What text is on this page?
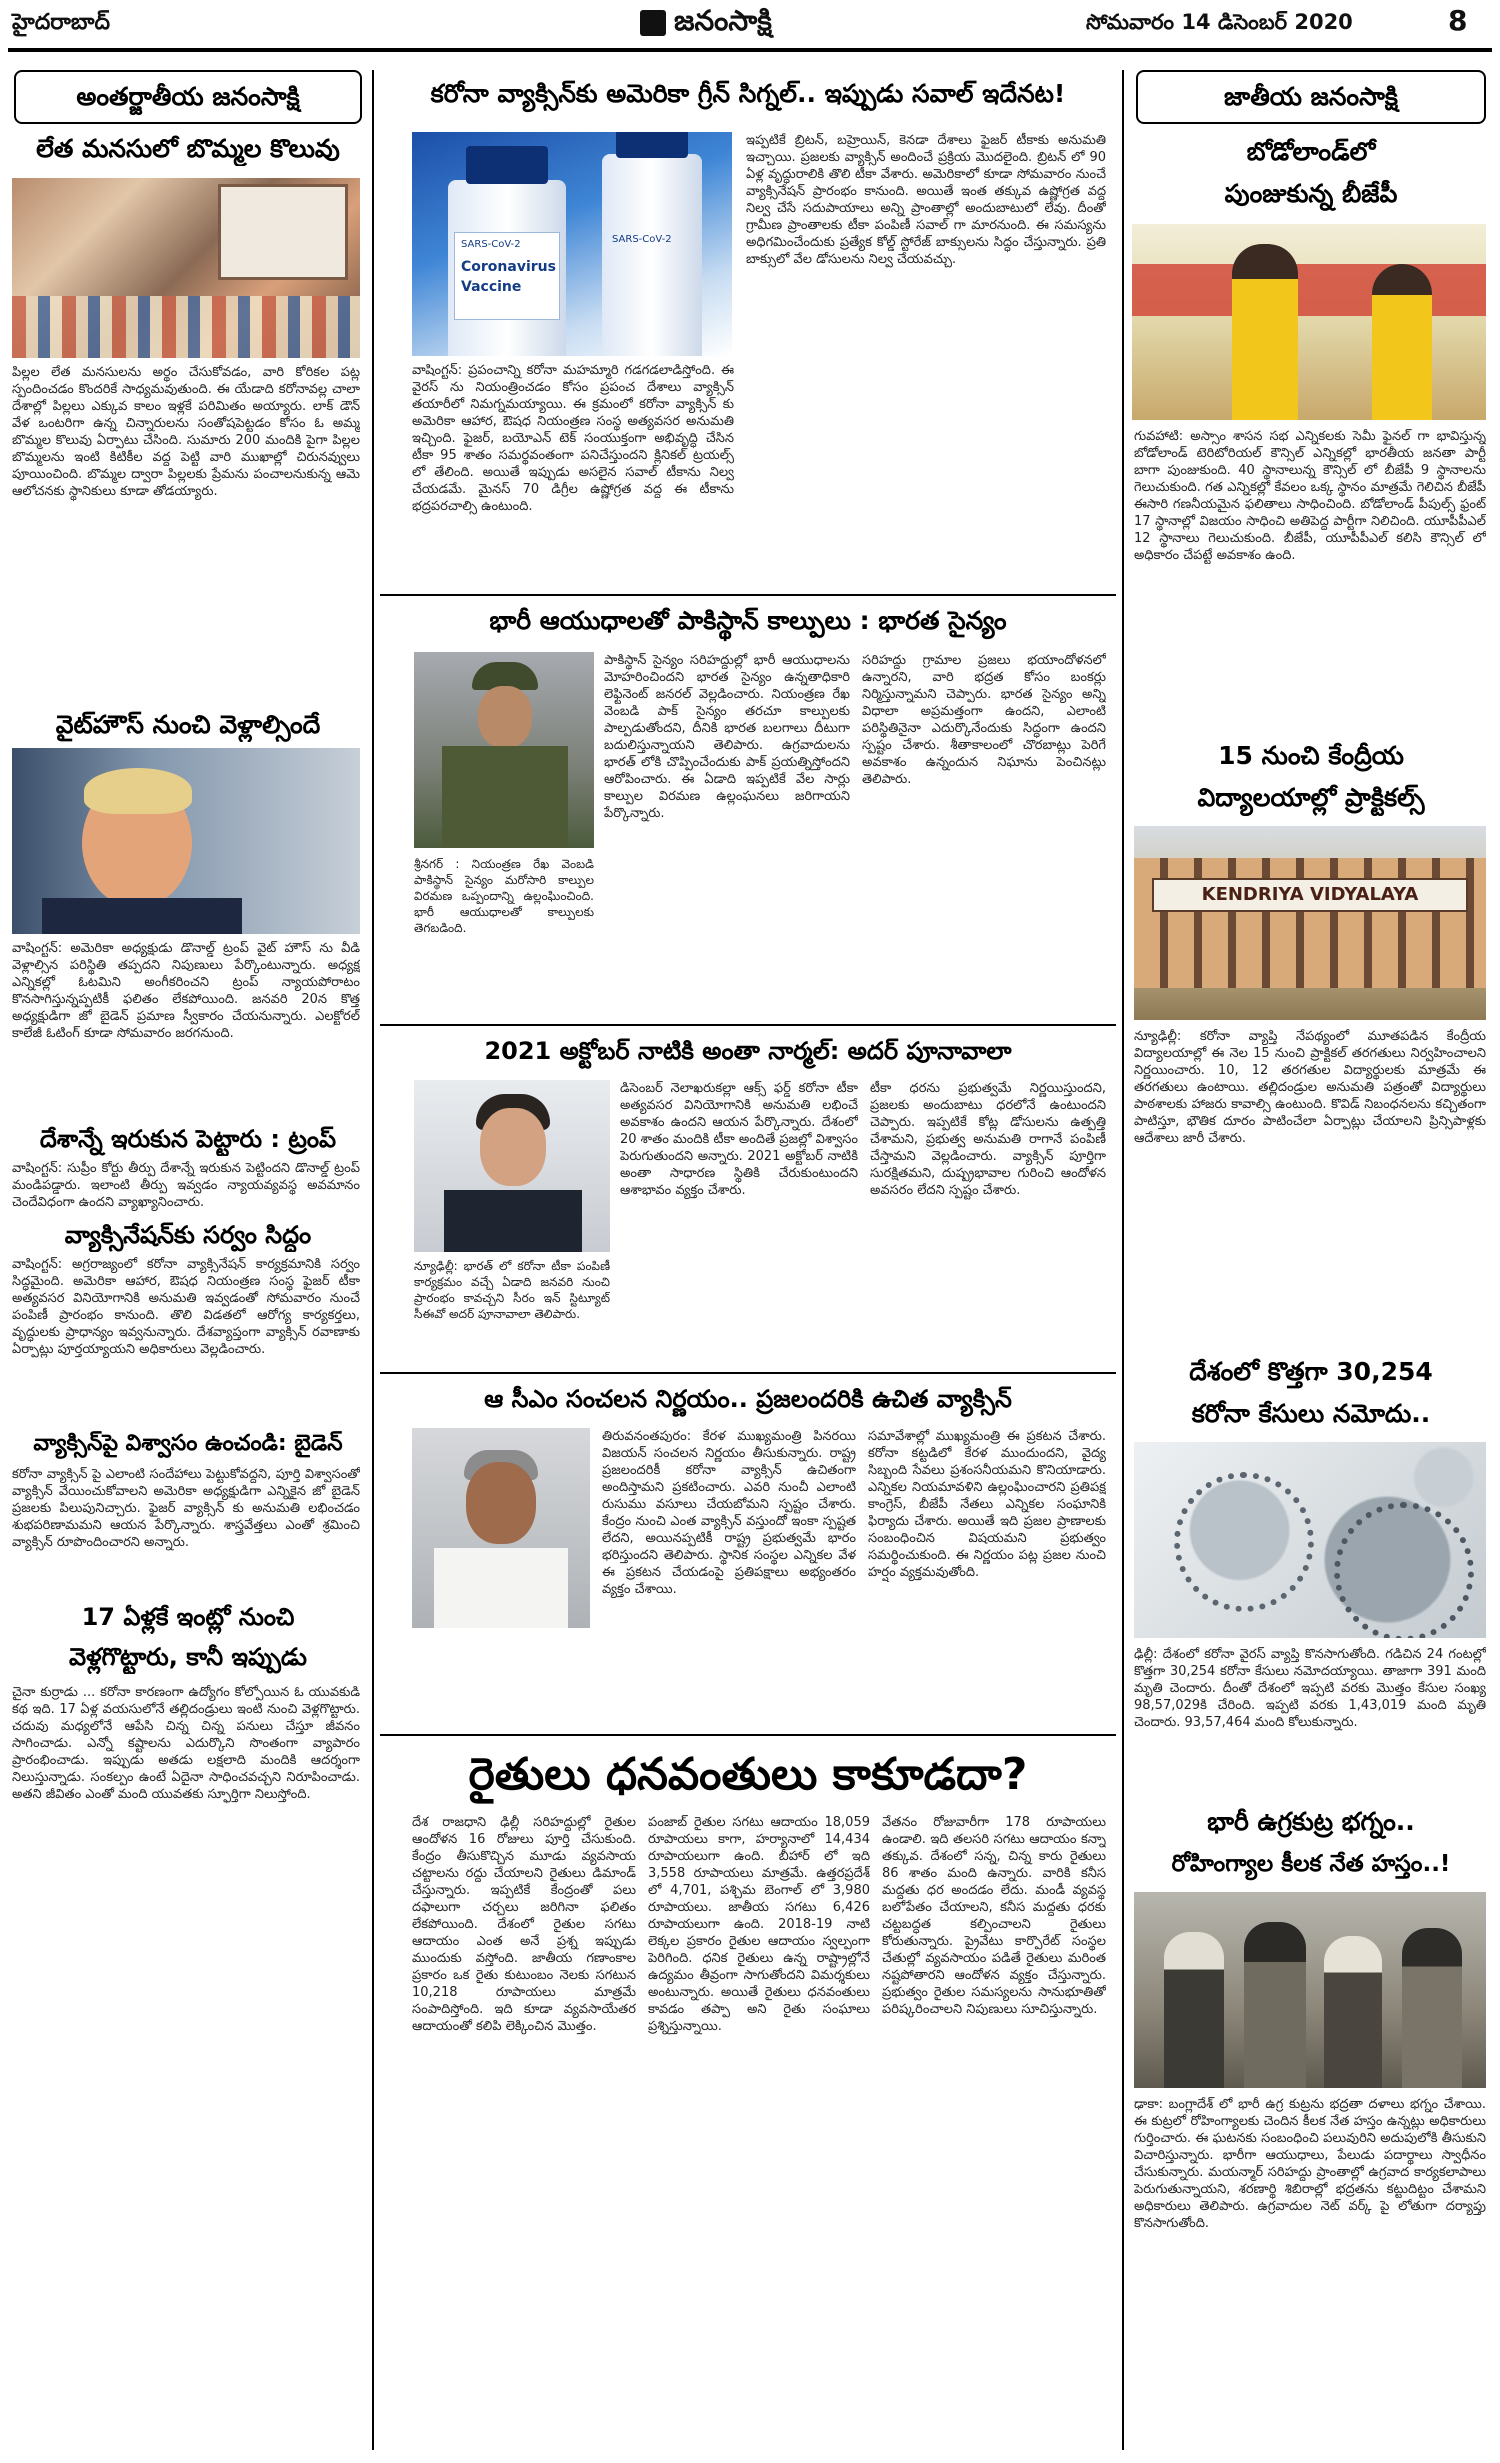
హైదరాబాద్	జనంసాక్షి	సోమవారం 14 డిసెంబర్ 2020	8
అంతర్జాతీయ జనంసాక్షి
లేత మనసులో బొమ్మల కొలువు
పిల్లల లేత మనసులను అర్థం చేసుకోవడం, వారి కోరికల పట్ల స్పందించడం కొందరికే సాధ్యమవుతుంది. ఈ యేడాది కరోనావల్ల చాలా దేశాల్లో పిల్లలు ఎక్కువ కాలం ఇళ్లకే పరిమితం అయ్యారు. లాక్ డౌన్ వేళ ఒంటరిగా ఉన్న చిన్నారులను సంతోషపెట్టడం కోసం ఓ అమ్మ బొమ్మల కొలువు ఏర్పాటు చేసింది. సుమారు 200 మందికి పైగా పిల్లల బొమ్మలను ఇంటి కిటికీల వద్ద పెట్టి వారి ముఖాల్లో చిరునవ్వులు పూయించింది. బొమ్మల ద్వారా పిల్లలకు ప్రేమను పంచాలనుకున్న ఆమె ఆలోచనకు స్థానికులు కూడా తోడయ్యారు.
వైట్‌హౌస్ నుంచి వెళ్లాల్సిందే
వాషింగ్టన్: అమెరికా అధ్యక్షుడు డొనాల్డ్ ట్రంప్ వైట్ హౌస్ ను వీడి వెళ్లాల్సిన పరిస్థితి తప్పదని నిపుణులు పేర్కొంటున్నారు. అధ్యక్ష ఎన్నికల్లో ఓటమిని అంగీకరించని ట్రంప్ న్యాయపోరాటం కొనసాగిస్తున్నప్పటికీ ఫలితం లేకపోయింది. జనవరి 20న కొత్త అధ్యక్షుడిగా జో బైడెన్ ప్రమాణ స్వీకారం చేయనున్నారు. ఎలక్టోరల్ కాలేజీ ఓటింగ్ కూడా సోమవారం జరగనుంది.
దేశాన్నే ఇరుకున పెట్టారు : ట్రంప్
వాషింగ్టన్: సుప్రీం కోర్టు తీర్పు దేశాన్నే ఇరుకున పెట్టిందని డొనాల్డ్ ట్రంప్ మండిపడ్డారు. ఇలాంటి తీర్పు ఇవ్వడం న్యాయవ్యవస్థ అవమానం చెందేవిధంగా ఉందని వ్యాఖ్యానించారు.
వ్యాక్సినేషన్‌కు సర్వం సిద్ధం
వాషింగ్టన్: అగ్రరాజ్యంలో కరోనా వ్యాక్సినేషన్ కార్యక్రమానికి సర్వం సిద్ధమైంది. అమెరికా ఆహార, ఔషధ నియంత్రణ సంస్థ ఫైజర్ టీకా అత్యవసర వినియోగానికి అనుమతి ఇవ్వడంతో సోమవారం నుంచే పంపిణీ ప్రారంభం కానుంది. తొలి విడతలో ఆరోగ్య కార్యకర్తలు, వృద్ధులకు ప్రాధాన్యం ఇవ్వనున్నారు. దేశవ్యాప్తంగా వ్యాక్సిన్ రవాణాకు ఏర్పాట్లు పూర్తయ్యాయని అధికారులు వెల్లడించారు.
వ్యాక్సిన్‌పై విశ్వాసం ఉంచండి: బైడెన్
కరోనా వ్యాక్సిన్ పై ఎలాంటి సందేహాలు పెట్టుకోవద్దని, పూర్తి విశ్వాసంతో వ్యాక్సిన్ వేయించుకోవాలని అమెరికా అధ్యక్షుడిగా ఎన్నికైన జో బైడెన్ ప్రజలకు పిలుపునిచ్చారు. ఫైజర్ వ్యాక్సిన్ కు అనుమతి లభించడం శుభపరిణామమని ఆయన పేర్కొన్నారు. శాస్త్రవేత్తలు ఎంతో శ్రమించి వ్యాక్సిన్ రూపొందించారని అన్నారు.
17 ఏళ్లకే ఇంట్లో నుంచి
వెళ్లగొట్టారు, కానీ ఇప్పుడు
చైనా కుర్రాడు ... కరోనా కారణంగా ఉద్యోగం కోల్పోయిన ఓ యువకుడి కథ ఇది. 17 ఏళ్ల వయసులోనే తల్లిదండ్రులు ఇంటి నుంచి వెళ్లగొట్టారు. చదువు మధ్యలోనే ఆపేసి చిన్న చిన్న పనులు చేస్తూ జీవనం సాగించాడు. ఎన్నో కష్టాలను ఎదుర్కొని సొంతంగా వ్యాపారం ప్రారంభించాడు. ఇప్పుడు అతడు లక్షలాది మందికి ఆదర్శంగా నిలుస్తున్నాడు. సంకల్పం ఉంటే ఏదైనా సాధించవచ్చని నిరూపించాడు. అతని జీవితం ఎంతో మంది యువతకు స్ఫూర్తిగా నిలుస్తోంది.
కరోనా వ్యాక్సిన్‌కు అమెరికా గ్రీన్ సిగ్నల్.. ఇప్పుడు సవాల్ ఇదేనట!
SARS-CoV-2
Coronavirus
Vaccine
SARS-CoV-2
వాషింగ్టన్: ప్రపంచాన్ని కరోనా మహమ్మారి గడగడలాడిస్తోంది. ఈ వైరస్ ను నియంత్రించడం కోసం ప్రపంచ దేశాలు వ్యాక్సిన్ తయారీలో నిమగ్నమయ్యాయి. ఈ క్రమంలో కరోనా వ్యాక్సిన్ కు అమెరికా ఆహార, ఔషధ నియంత్రణ సంస్థ అత్యవసర అనుమతి ఇచ్చింది. ఫైజర్, బయోఎన్ టెక్ సంయుక్తంగా అభివృద్ధి చేసిన టీకా 95 శాతం సమర్థవంతంగా పనిచేస్తుందని క్లినికల్ ట్రయల్స్ లో తేలింది. అయితే ఇప్పుడు అసలైన సవాల్ టీకాను నిల్వ చేయడమే. మైనస్ 70 డిగ్రీల ఉష్ణోగ్రత వద్ద ఈ టీకాను భద్రపరచాల్సి ఉంటుంది.
ఇప్పటికే బ్రిటన్, బహ్రెయిన్, కెనడా దేశాలు ఫైజర్ టీకాకు అనుమతి ఇచ్చాయి. ప్రజలకు వ్యాక్సిన్ అందించే ప్రక్రియ మొదలైంది. బ్రిటన్ లో 90 ఏళ్ల వృద్ధురాలికి తొలి టీకా వేశారు. అమెరికాలో కూడా సోమవారం నుంచే వ్యాక్సినేషన్ ప్రారంభం కానుంది. అయితే ఇంత తక్కువ ఉష్ణోగ్రత వద్ద నిల్వ చేసే సదుపాయాలు అన్ని ప్రాంతాల్లో అందుబాటులో లేవు. దీంతో గ్రామీణ ప్రాంతాలకు టీకా పంపిణీ సవాల్ గా మారనుంది. ఈ సమస్యను అధిగమించేందుకు ప్రత్యేక కోల్డ్ స్టోరేజ్ బాక్సులను సిద్ధం చేస్తున్నారు. ప్రతి బాక్సులో వేల డోసులను నిల్వ చేయవచ్చు.
భారీ ఆయుధాలతో పాకిస్థాన్ కాల్పులు : భారత సైన్యం
శ్రీనగర్ : నియంత్రణ రేఖ వెంబడి పాకిస్థాన్ సైన్యం మరోసారి కాల్పుల విరమణ ఒప్పందాన్ని ఉల్లంఘించింది. భారీ ఆయుధాలతో కాల్పులకు తెగబడింది.
పాకిస్థాన్ సైన్యం సరిహద్దుల్లో భారీ ఆయుధాలను మోహరించిందని భారత సైన్యం ఉన్నతాధికారి లెఫ్టినెంట్ జనరల్ వెల్లడించారు. నియంత్రణ రేఖ వెంబడి పాక్ సైన్యం తరచూ కాల్పులకు పాల్పడుతోందని, దీనికి భారత బలగాలు దీటుగా బదులిస్తున్నాయని తెలిపారు. ఉగ్రవాదులను భారత్ లోకి చొప్పించేందుకు పాక్ ప్రయత్నిస్తోందని ఆరోపించారు. ఈ ఏడాది ఇప్పటికే వేల సార్లు కాల్పుల విరమణ ఉల్లంఘనలు జరిగాయని పేర్కొన్నారు.
సరిహద్దు గ్రామాల ప్రజలు భయాందోళనలో ఉన్నారని, వారి భద్రత కోసం బంకర్లు నిర్మిస్తున్నామని చెప్పారు. భారత సైన్యం అన్ని విధాలా అప్రమత్తంగా ఉందని, ఎలాంటి పరిస్థితినైనా ఎదుర్కొనేందుకు సిద్ధంగా ఉందని స్పష్టం చేశారు. శీతాకాలంలో చొరబాట్లు పెరిగే అవకాశం ఉన్నందున నిఘాను పెంచినట్లు తెలిపారు.
2021 అక్టోబర్ నాటికి అంతా నార్మల్: అదర్ పూనావాలా
న్యూఢిల్లీ: భారత్ లో కరోనా టీకా పంపిణీ కార్యక్రమం వచ్చే ఏడాది జనవరి నుంచి ప్రారంభం కావచ్చని సీరం ఇన్ స్టిట్యూట్ సీఈవో అదర్ పూనావాలా తెలిపారు.
డిసెంబర్ నెలాఖరుకల్లా ఆక్స్ ఫర్డ్ కరోనా టీకా అత్యవసర వినియోగానికి అనుమతి లభించే అవకాశం ఉందని ఆయన పేర్కొన్నారు. దేశంలో 20 శాతం మందికి టీకా అందితే ప్రజల్లో విశ్వాసం పెరుగుతుందని అన్నారు. 2021 అక్టోబర్ నాటికి అంతా సాధారణ స్థితికి చేరుకుంటుందని ఆశాభావం వ్యక్తం చేశారు.
టీకా ధరను ప్రభుత్వమే నిర్ణయిస్తుందని, ప్రజలకు అందుబాటు ధరలోనే ఉంటుందని చెప్పారు. ఇప్పటికే కోట్ల డోసులను ఉత్పత్తి చేశామని, ప్రభుత్వ అనుమతి రాగానే పంపిణీ చేస్తామని వెల్లడించారు. వ్యాక్సిన్ పూర్తిగా సురక్షితమని, దుష్ప్రభావాల గురించి ఆందోళన అవసరం లేదని స్పష్టం చేశారు.
ఆ సీఎం సంచలన నిర్ణయం.. ప్రజలందరికి ఉచిత వ్యాక్సిన్
తిరువనంతపురం: కేరళ ముఖ్యమంత్రి పినరయి విజయన్ సంచలన నిర్ణయం తీసుకున్నారు. రాష్ట్ర ప్రజలందరికీ కరోనా వ్యాక్సిన్ ఉచితంగా అందిస్తామని ప్రకటించారు. ఎవరి నుంచీ ఎలాంటి రుసుము వసూలు చేయబోమని స్పష్టం చేశారు. కేంద్రం నుంచి ఎంత వ్యాక్సిన్ వస్తుందో ఇంకా స్పష్టత లేదని, అయినప్పటికీ రాష్ట్ర ప్రభుత్వమే భారం భరిస్తుందని తెలిపారు. స్థానిక సంస్థల ఎన్నికల వేళ ఈ ప్రకటన చేయడంపై ప్రతిపక్షాలు అభ్యంతరం వ్యక్తం చేశాయి.
సమావేశాల్లో ముఖ్యమంత్రి ఈ ప్రకటన చేశారు. కరోనా కట్టడిలో కేరళ ముందుందని, వైద్య సిబ్బంది సేవలు ప్రశంసనీయమని కొనియాడారు. ఎన్నికల నియమావళిని ఉల్లంఘించారని ప్రతిపక్ష కాంగ్రెస్, బీజేపీ నేతలు ఎన్నికల సంఘానికి ఫిర్యాదు చేశారు. అయితే ఇది ప్రజల ప్రాణాలకు సంబంధించిన విషయమని ప్రభుత్వం సమర్థించుకుంది. ఈ నిర్ణయం పట్ల ప్రజల నుంచి హర్షం వ్యక్తమవుతోంది.
రైతులు ధనవంతులు కాకూడదా?
దేశ రాజధాని ఢిల్లీ సరిహద్దుల్లో రైతుల ఆందోళన 16 రోజులు పూర్తి చేసుకుంది. కేంద్రం తీసుకొచ్చిన మూడు వ్యవసాయ చట్టాలను రద్దు చేయాలని రైతులు డిమాండ్ చేస్తున్నారు. ఇప్పటికే కేంద్రంతో పలు దఫాలుగా చర్చలు జరిగినా ఫలితం లేకపోయింది. దేశంలో రైతుల సగటు ఆదాయం ఎంత అనే ప్రశ్న ఇప్పుడు ముందుకు వస్తోంది. జాతీయ గణాంకాల ప్రకారం ఒక రైతు కుటుంబం నెలకు సగటున 10,218 రూపాయలు మాత్రమే సంపాదిస్తోంది. ఇది కూడా వ్యవసాయేతర ఆదాయంతో కలిపి లెక్కించిన మొత్తం.
పంజాబ్ రైతుల సగటు ఆదాయం 18,059 రూపాయలు కాగా, హర్యానాలో 14,434 రూపాయలుగా ఉంది. బీహార్ లో ఇది 3,558 రూపాయలు మాత్రమే. ఉత్తరప్రదేశ్ లో 4,701, పశ్చిమ బెంగాల్ లో 3,980 రూపాయలు. జాతీయ సగటు 6,426 రూపాయలుగా ఉంది. 2018-19 నాటి లెక్కల ప్రకారం రైతుల ఆదాయం స్వల్పంగా పెరిగింది. ధనిక రైతులు ఉన్న రాష్ట్రాల్లోనే ఉద్యమం తీవ్రంగా సాగుతోందని విమర్శకులు అంటున్నారు. అయితే రైతులు ధనవంతులు కావడం తప్పా అని రైతు సంఘాలు ప్రశ్నిస్తున్నాయి.
వేతనం రోజువారీగా 178 రూపాయలు ఉండాలి. ఇది తలసరి సగటు ఆదాయం కన్నా తక్కువ. దేశంలో సన్న, చిన్న కారు రైతులు 86 శాతం మంది ఉన్నారు. వారికి కనీస మద్దతు ధర అందడం లేదు. మండీ వ్యవస్థ బలోపేతం చేయాలని, కనీస మద్దతు ధరకు చట్టబద్ధత కల్పించాలని రైతులు కోరుతున్నారు. ప్రైవేటు కార్పొరేట్ సంస్థల చేతుల్లో వ్యవసాయం పడితే రైతులు మరింత నష్టపోతారని ఆందోళన వ్యక్తం చేస్తున్నారు. ప్రభుత్వం రైతుల సమస్యలను సానుభూతితో పరిష్కరించాలని నిపుణులు సూచిస్తున్నారు.
జాతీయ జనంసాక్షి
బోడోలాండ్‌లో
పుంజుకున్న బీజేపీ
గువహాటి: అస్సాం శాసన సభ ఎన్నికలకు సెమీ ఫైనల్ గా భావిస్తున్న బోడోలాండ్ టెరిటోరియల్ కౌన్సిల్ ఎన్నికల్లో భారతీయ జనతా పార్టీ బాగా పుంజుకుంది. 40 స్థానాలున్న కౌన్సిల్ లో బీజేపీ 9 స్థానాలను గెలుచుకుంది. గత ఎన్నికల్లో కేవలం ఒక్క స్థానం మాత్రమే గెలిచిన బీజేపీ ఈసారి గణనీయమైన ఫలితాలు సాధించింది. బోడోలాండ్ పీపుల్స్ ఫ్రంట్ 17 స్థానాల్లో విజయం సాధించి అతిపెద్ద పార్టీగా నిలిచింది. యూపీపీఎల్ 12 స్థానాలు గెలుచుకుంది. బీజేపీ, యూపీపీఎల్ కలిసి కౌన్సిల్ లో అధికారం చేపట్టే అవకాశం ఉంది.
15 నుంచి కేంద్రీయ
విద్యాలయాల్లో ప్రాక్టికల్స్
KENDRIYA VIDYALAYA
న్యూఢిల్లీ: కరోనా వ్యాప్తి నేపథ్యంలో మూతపడిన కేంద్రీయ విద్యాలయాల్లో ఈ నెల 15 నుంచి ప్రాక్టికల్ తరగతులు నిర్వహించాలని నిర్ణయించారు. 10, 12 తరగతుల విద్యార్థులకు మాత్రమే ఈ తరగతులు ఉంటాయి. తల్లిదండ్రుల అనుమతి పత్రంతో విద్యార్థులు పాఠశాలకు హాజరు కావాల్సి ఉంటుంది. కొవిడ్ నిబంధనలను కచ్చితంగా పాటిస్తూ, భౌతిక దూరం పాటించేలా ఏర్పాట్లు చేయాలని ప్రిన్సిపాళ్లకు ఆదేశాలు జారీ చేశారు.
దేశంలో కొత్తగా 30,254
కరోనా కేసులు నమోదు..
ఢిల్లీ: దేశంలో కరోనా వైరస్ వ్యాప్తి కొనసాగుతోంది. గడిచిన 24 గంటల్లో కొత్తగా 30,254 కరోనా కేసులు నమోదయ్యాయి. తాజాగా 391 మంది మృతి చెందారు. దీంతో దేశంలో ఇప్పటి వరకు మొత్తం కేసుల సంఖ్య 98,57,029కి చేరింది. ఇప్పటి వరకు 1,43,019 మంది మృతి చెందారు. 93,57,464 మంది కోలుకున్నారు.
భారీ ఉగ్రకుట్ర భగ్నం..
రోహింగ్యాల కీలక నేత హస్తం..!
ఢాకా: బంగ్లాదేశ్ లో భారీ ఉగ్ర కుట్రను భద్రతా దళాలు భగ్నం చేశాయి. ఈ కుట్రలో రోహింగ్యాలకు చెందిన కీలక నేత హస్తం ఉన్నట్లు అధికారులు గుర్తించారు. ఈ ఘటనకు సంబంధించి పలువురిని అదుపులోకి తీసుకుని విచారిస్తున్నారు. భారీగా ఆయుధాలు, పేలుడు పదార్థాలు స్వాధీనం చేసుకున్నారు. మయన్మార్ సరిహద్దు ప్రాంతాల్లో ఉగ్రవాద కార్యకలాపాలు పెరుగుతున్నాయని, శరణార్థి శిబిరాల్లో భద్రతను కట్టుదిట్టం చేశామని అధికారులు తెలిపారు. ఉగ్రవాదుల నెట్ వర్క్ పై లోతుగా దర్యాప్తు కొనసాగుతోంది.
